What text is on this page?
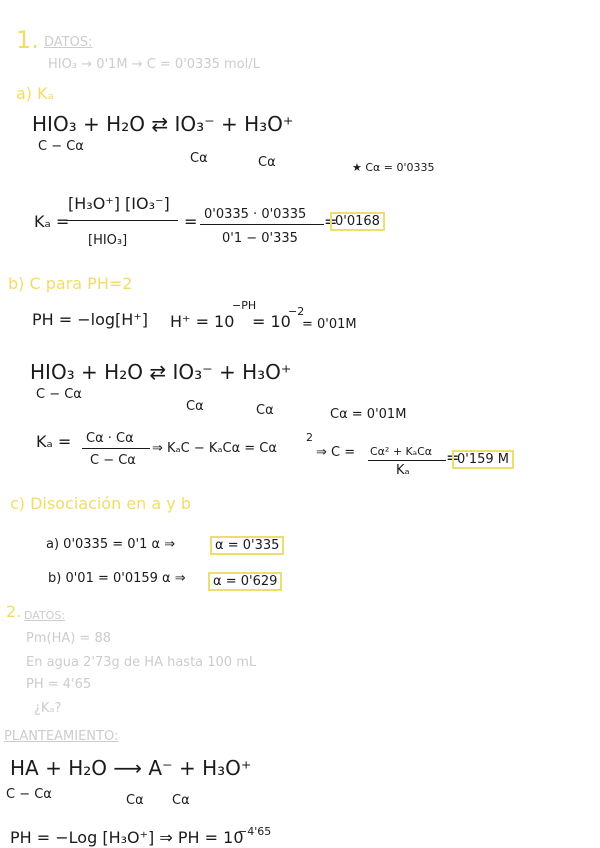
1. DATOS:
HIO₃ → 0'1M → C = 0'0335 mol/L
a) Kₐ
HIO₃ + H₂O ⇄ IO₃⁻ + H₃O⁺
C − Cα
Cα	Cα	★ Cα = 0'0335
Kₐ =
[H₃O⁺] [IO₃⁻]
[HIO₃]
= 0'0335 · 0'0335
0'1 − 0'335
=
0'0168
b) C para PH=2
PH = −log[H⁺] H⁺ = 10
−PH
= 10
−2
= 0'01M
HIO₃ + H₂O ⇄ IO₃⁻ + H₃O⁺
C − Cα
Cα	Cα	Cα = 0'01M
Kₐ = Cα · Cα
C − Cα
⇒ KₐC − KₐCα = Cα
2
⇒ C = Cα² + KₐCα
Kₐ
=
0'159 M
c) Disociación en a y b
a) 0'0335 = 0'1 α ⇒	α = 0'335
b) 0'01 = 0'0159 α ⇒	α = 0'629
2. DATOS:
Pm(HA) = 88
En agua 2'73g de HA hasta 100 mL
PH = 4'65
¿Kₐ?
PLANTEAMIENTO:
HA + H₂O ⟶ A⁻ + H₃O⁺
C − Cα	Cα Cα
PH = −Log [H₃O⁺] ⇒ PH = 10
−4'65
